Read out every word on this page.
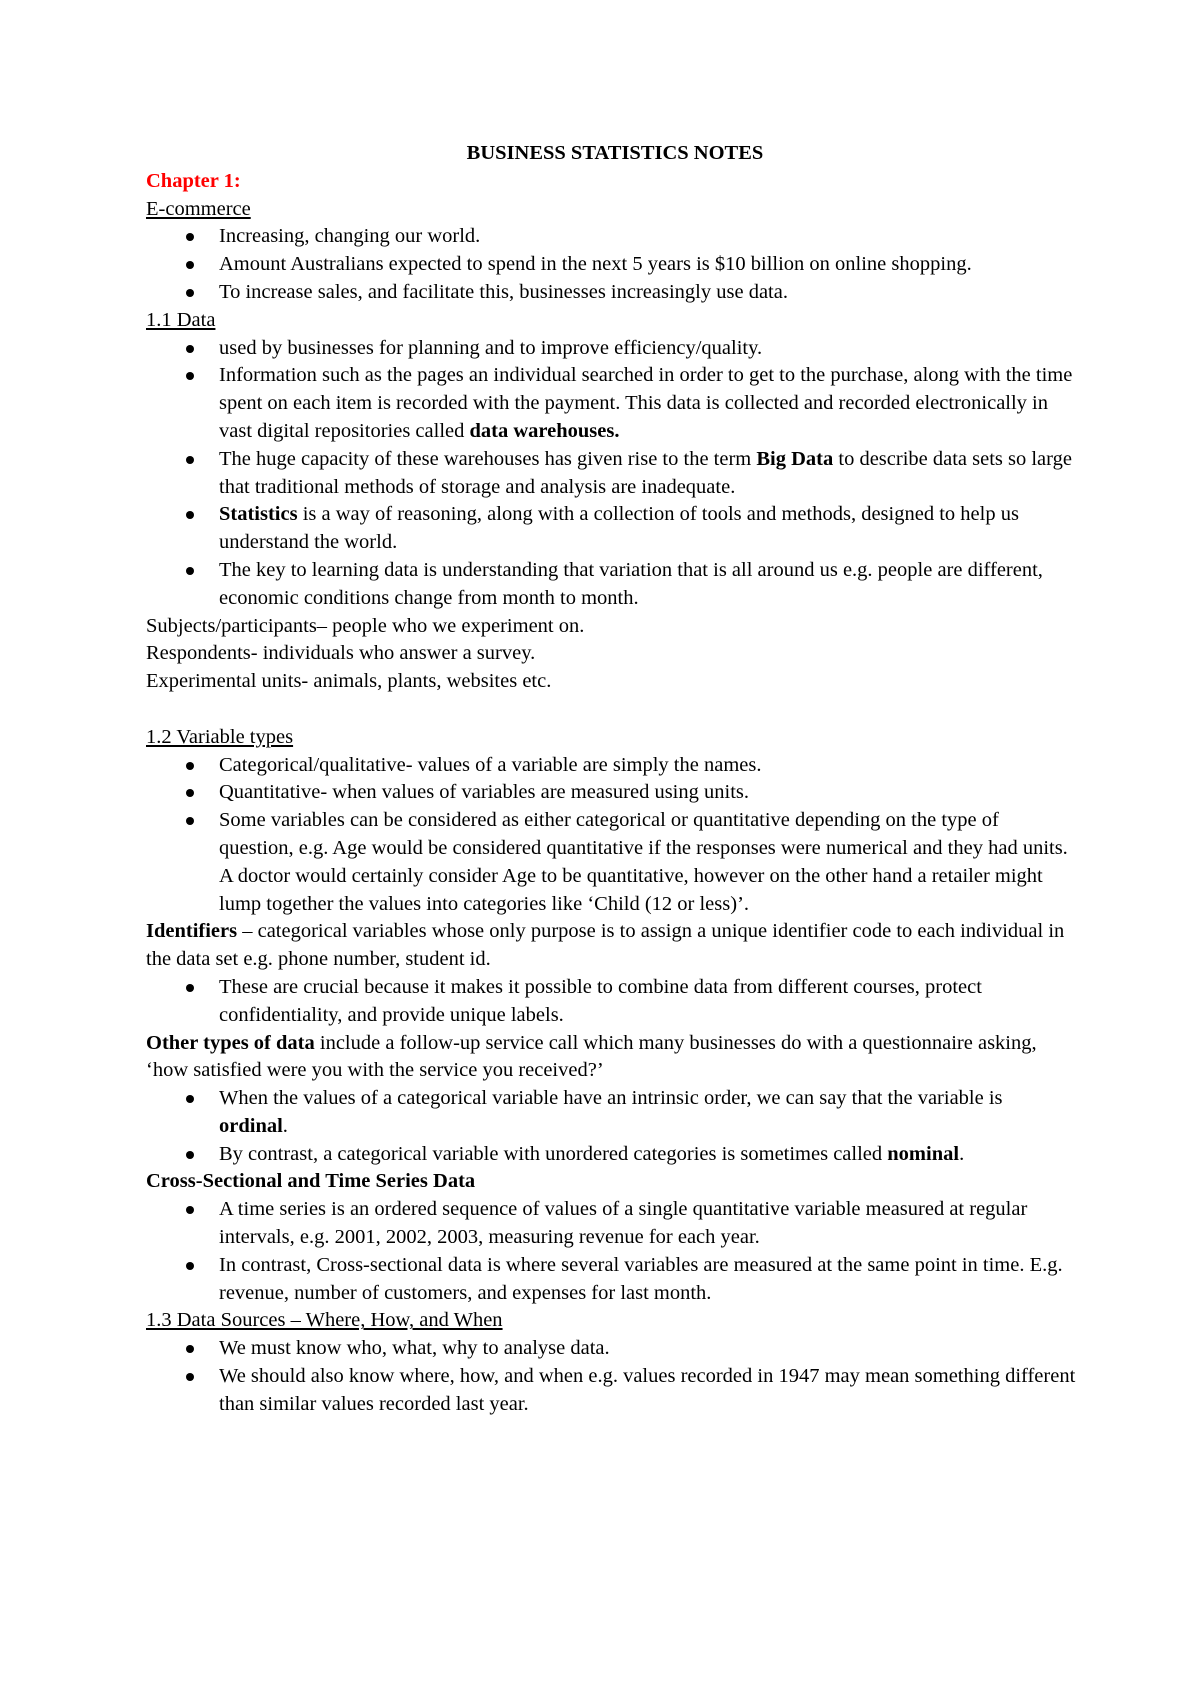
BUSINESS STATISTICS NOTES

Chapter 1:

E-commerce

Increasing, changing our world.
Amount Australians expected to spend in the next 5 years is $10 billion on online shopping.
To increase sales, and facilitate this, businesses increasingly use data.

1.1 Data

used by businesses for planning and to improve efficiency/quality.
Information such as the pages an individual searched in order to get to the purchase, along with the time spent on each item is recorded with the payment. This data is collected and recorded electronically in vast digital repositories called data warehouses.
The huge capacity of these warehouses has given rise to the term Big Data to describe data sets so large that traditional methods of storage and analysis are inadequate.
Statistics is a way of reasoning, along with a collection of tools and methods, designed to help us understand the world.
The key to learning data is understanding that variation that is all around us e.g. people are different, economic conditions change from month to month.

Subjects/participants– people who we experiment on.

Respondents- individuals who answer a survey.

Experimental units- animals, plants, websites etc.

1.2 Variable types

Categorical/qualitative- values of a variable are simply the names.
Quantitative- when values of variables are measured using units.
Some variables can be considered as either categorical or quantitative depending on the type of question, e.g. Age would be considered quantitative if the responses were numerical and they had units. A doctor would certainly consider Age to be quantitative, however on the other hand a retailer might lump together the values into categories like ‘Child (12 or less)’.

Identifiers – categorical variables whose only purpose is to assign a unique identifier code to each individual in the data set e.g. phone number, student id.

These are crucial because it makes it possible to combine data from different courses, protect confidentiality, and provide unique labels.

Other types of data include a follow-up service call which many businesses do with a questionnaire asking, ‘how satisfied were you with the service you received?’

When the values of a categorical variable have an intrinsic order, we can say that the variable is ordinal.
By contrast, a categorical variable with unordered categories is sometimes called nominal.

Cross-Sectional and Time Series Data

A time series is an ordered sequence of values of a single quantitative variable measured at regular intervals, e.g. 2001, 2002, 2003, measuring revenue for each year.
In contrast, Cross-sectional data is where several variables are measured at the same point in time. E.g. revenue, number of customers, and expenses for last month.

1.3 Data Sources – Where, How, and When

We must know who, what, why to analyse data.
We should also know where, how, and when e.g. values recorded in 1947 may mean something different than similar values recorded last year.
